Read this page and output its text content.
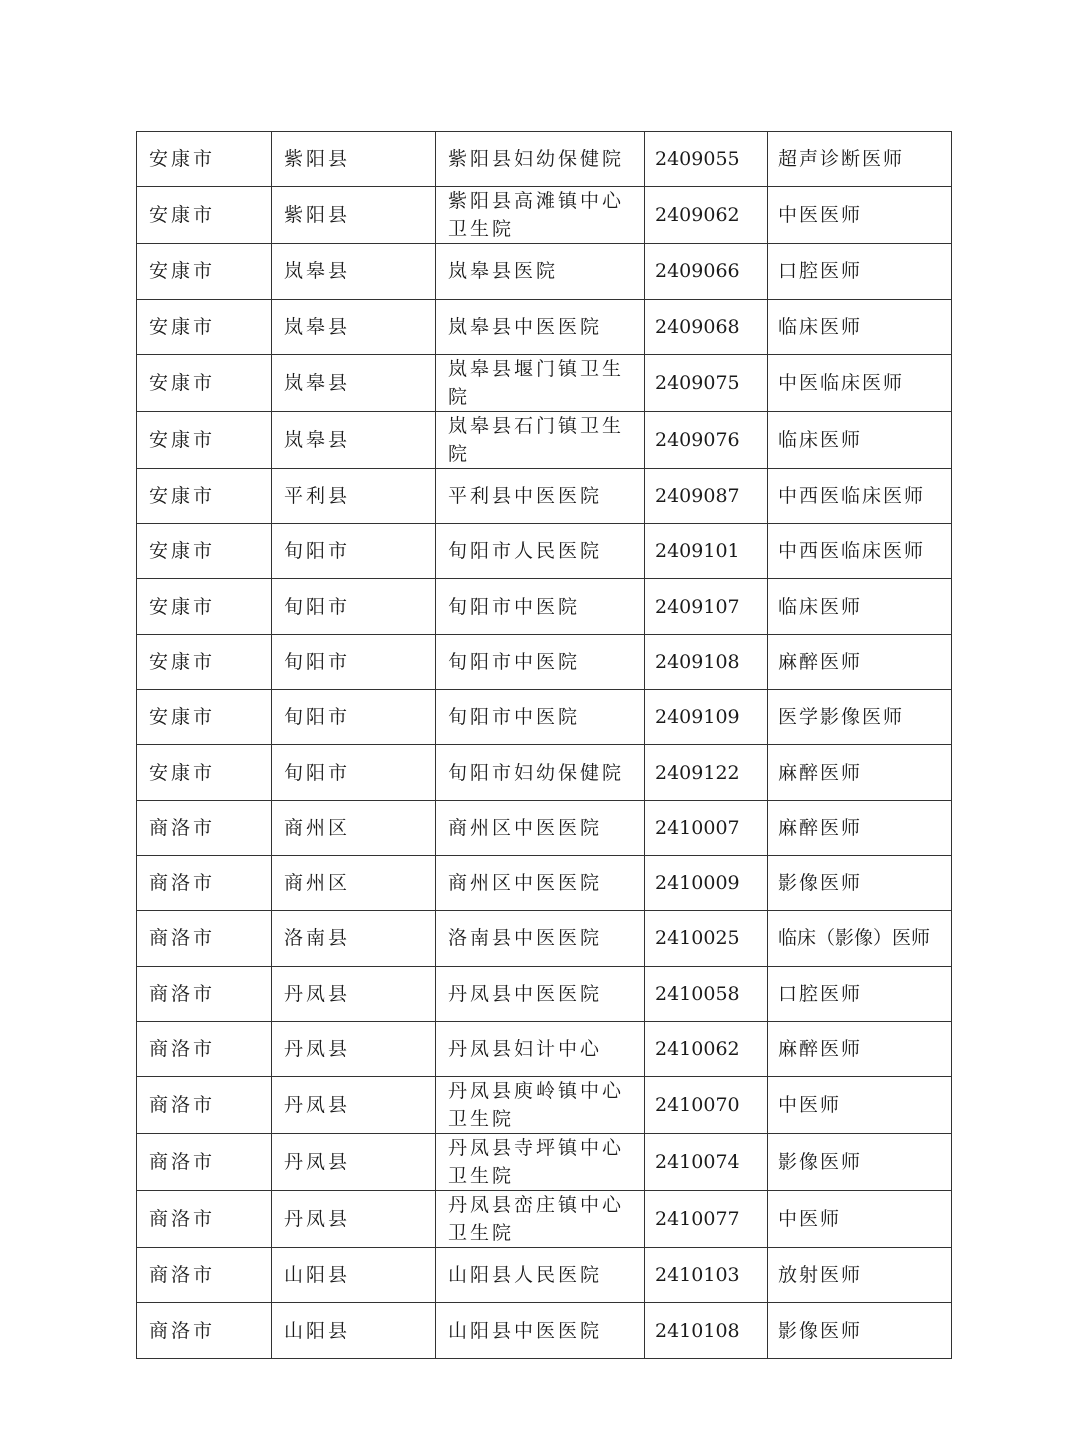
安康市	紫阳县	紫阳县妇幼保健院	2409055	超声诊断医师
安康市	紫阳县	紫阳县高滩镇中心卫生院	2409062	中医医师
安康市	岚皋县	岚皋县医院	2409066	口腔医师
安康市	岚皋县	岚皋县中医医院	2409068	临床医师
安康市	岚皋县	岚皋县堰门镇卫生院	2409075	中医临床医师
安康市	岚皋县	岚皋县石门镇卫生院	2409076	临床医师
安康市	平利县	平利县中医医院	2409087	中西医临床医师
安康市	旬阳市	旬阳市人民医院	2409101	中西医临床医师
安康市	旬阳市	旬阳市中医院	2409107	临床医师
安康市	旬阳市	旬阳市中医院	2409108	麻醉医师
安康市	旬阳市	旬阳市中医院	2409109	医学影像医师
安康市	旬阳市	旬阳市妇幼保健院	2409122	麻醉医师
商洛市	商州区	商州区中医医院	2410007	麻醉医师
商洛市	商州区	商州区中医医院	2410009	影像医师
商洛市	洛南县	洛南县中医医院	2410025	临床（影像）医师
商洛市	丹凤县	丹凤县中医医院	2410058	口腔医师
商洛市	丹凤县	丹凤县妇计中心	2410062	麻醉医师
商洛市	丹凤县	丹凤县庾岭镇中心卫生院	2410070	中医师
商洛市	丹凤县	丹凤县寺坪镇中心卫生院	2410074	影像医师
商洛市	丹凤县	丹凤县峦庄镇中心卫生院	2410077	中医师
商洛市	山阳县	山阳县人民医院	2410103	放射医师
商洛市	山阳县	山阳县中医医院	2410108	影像医师
